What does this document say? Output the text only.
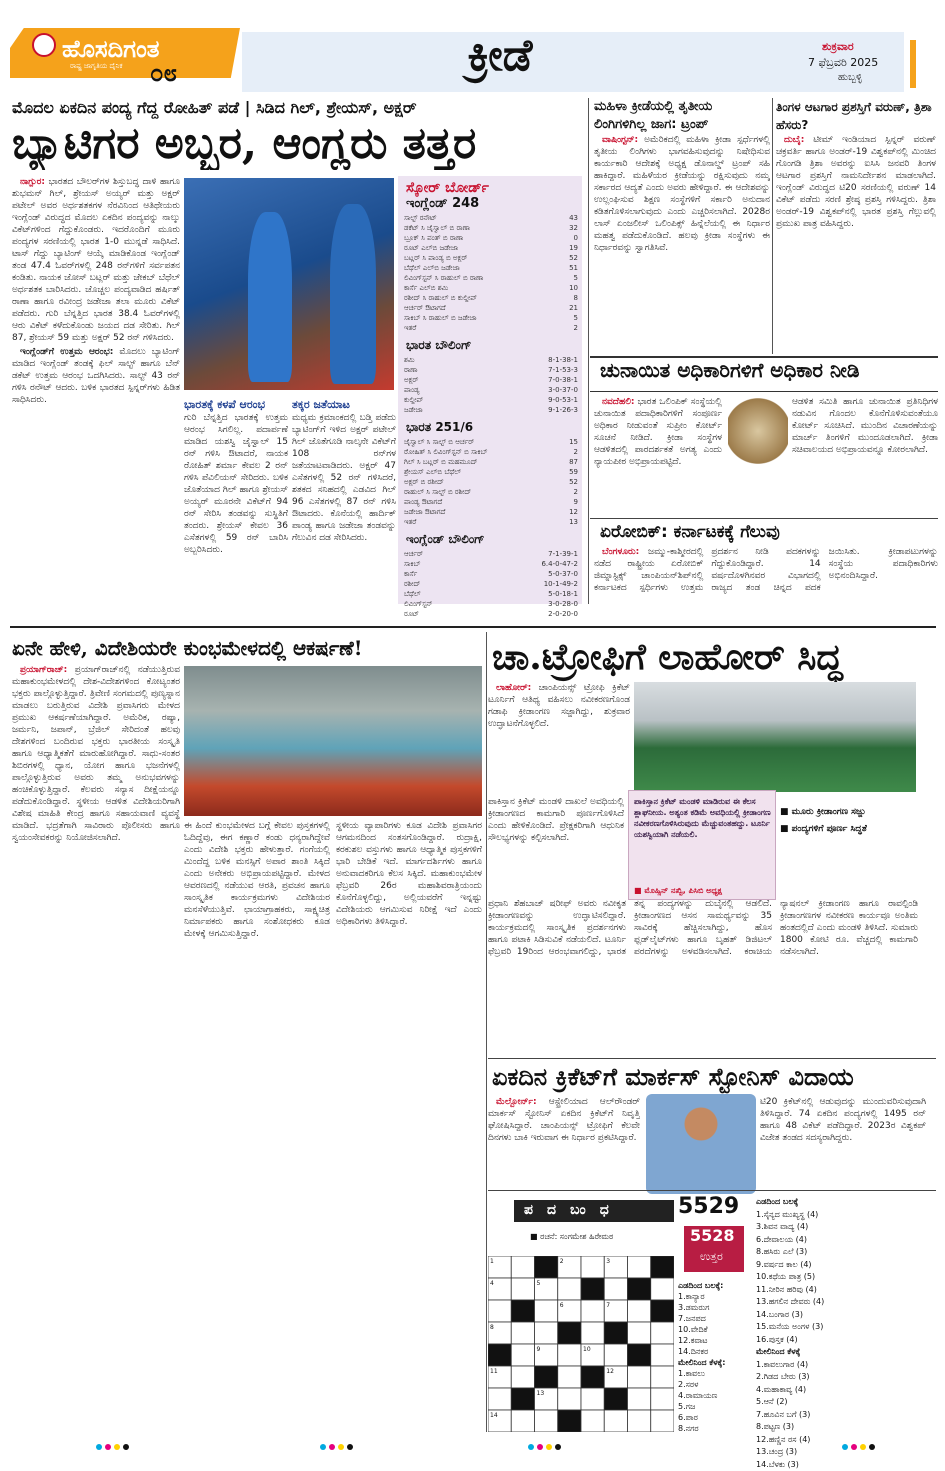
ಹೊಸದಿಗಂತ
ರಾಷ್ಟ್ರ ಜಾಗೃತಿಯ ದೈನಿಕ ೦೮	ಕ್ರೀಡೆ	ಶುಕ್ರವಾರ
7 ಫೆಬ್ರವರಿ 2025
ಹುಬ್ಬಳ್ಳಿ
ಮೊದಲ ಏಕದಿನ ಪಂದ್ಯ ಗೆದ್ದ ರೋಹಿತ್ ಪಡೆ | ಸಿಡಿದ ಗಿಲ್, ಶ್ರೇಯಸ್, ಅಕ್ಷರ್
ಬ್ಯಾಟಿಗರ ಅಬ್ಬರ, ಆಂಗ್ಲರು ತತ್ತರ

ನಾಗ್ಪುರ: ಭಾರತದ ಬೌಲರ್‌ಗಳ ಶಿಸ್ತುಬದ್ಧ ದಾಳಿ ಹಾಗೂ ಶುಭಮನ್ ಗಿಲ್, ಶ್ರೇಯಸ್ ಅಯ್ಯರ್ ಮತ್ತು ಅಕ್ಷರ್ ಪಟೇಲ್ ಅವರ ಅರ್ಧಶತಕಗಳ ನೆರವಿನಿಂದ ಆತಿಥೇಯರು ಇಂಗ್ಲೆಂಡ್ ವಿರುದ್ಧದ ಮೊದಲ ಏಕದಿನ ಪಂದ್ಯವನ್ನು ನಾಲ್ಕು ವಿಕೆಟ್‌ಗಳಿಂದ ಗೆದ್ದುಕೊಂಡರು. ಇದರೊಂದಿಗೆ ಮೂರು ಪಂದ್ಯಗಳ ಸರಣಿಯಲ್ಲಿ ಭಾರತ 1-0 ಮುನ್ನಡೆ ಸಾಧಿಸಿದೆ. ಟಾಸ್ ಗೆದ್ದು ಬ್ಯಾಟಿಂಗ್ ಆಯ್ಕೆ ಮಾಡಿಕೊಂಡ ಇಂಗ್ಲೆಂಡ್ ತಂಡ 47.4 ಓವರ್‌ಗಳಲ್ಲಿ 248 ರನ್‌ಗಳಿಗೆ ಸರ್ವಪತನ ಕಂಡಿತು. ನಾಯಕ ಜೋಸ್ ಬಟ್ಲರ್ ಮತ್ತು ಜೇಕಬ್ ಬೆಥೆಲ್ ಅರ್ಧಶತಕ ಬಾರಿಸಿದರು. ಚೊಚ್ಚಲ ಪಂದ್ಯವಾಡಿದ ಹರ್ಷಿತ್ ರಾಣಾ ಹಾಗೂ ರವೀಂದ್ರ ಜಡೇಜಾ ತಲಾ ಮೂರು ವಿಕೆಟ್ ಪಡೆದರು. ಗುರಿ ಬೆನ್ನತ್ತಿದ ಭಾರತ 38.4 ಓವರ್‌ಗಳಲ್ಲಿ ಆರು ವಿಕೆಟ್ ಕಳೆದುಕೊಂಡು ಜಯದ ದಡ ಸೇರಿತು. ಗಿಲ್ 87, ಶ್ರೇಯಸ್ 59 ಮತ್ತು ಅಕ್ಷರ್ 52 ರನ್ ಗಳಿಸಿದರು.

ಇಂಗ್ಲೆಂಡ್‌ಗೆ ಉತ್ತಮ ಆರಂಭ: ಮೊದಲು ಬ್ಯಾಟಿಂಗ್ ಮಾಡಿದ ಇಂಗ್ಲೆಂಡ್ ತಂಡಕ್ಕೆ ಫಿಲ್ ಸಾಲ್ಟ್ ಹಾಗೂ ಬೆನ್ ಡಕೆಟ್ ಉತ್ತಮ ಆರಂಭ ಒದಗಿಸಿದರು. ಸಾಲ್ಟ್ 43 ರನ್ ಗಳಿಸಿ ರನೌಟ್ ಆದರು. ಬಳಿಕ ಭಾರತದ ಸ್ಪಿನ್ನರ್‌ಗಳು ಹಿಡಿತ ಸಾಧಿಸಿದರು.

ಸ್ಕೋರ್ ಬೋರ್ಡ್
ಇಂಗ್ಲೆಂಡ್ 248
ಸಾಲ್ಟ್ ರನೌಟ್	43
ಡಕೆಟ್ ಸಿ ಜೈಸ್ವಾಲ್ ಬಿ ರಾಣಾ	32
ಬ್ರೂಕ್ ಸಿ ಪಂತ್ ಬಿ ರಾಣಾ	0
ರೂಟ್ ಎಲ್‌ಬಿ ಜಡೇಜಾ	19
ಬಟ್ಲರ್ ಸಿ ಪಾಂಡ್ಯ ಬಿ ಅಕ್ಷರ್	52
ಬೆಥೆಲ್ ಎಲ್‌ಬಿ ಜಡೇಜಾ	51
ಲಿವಿಂಗ್‌ಸ್ಟನ್ ಸಿ ರಾಹುಲ್ ಬಿ ರಾಣಾ	5
ಕಾರ್ಸೆ ಎಲ್‌ಬಿ ಶಮಿ	10
ರಶೀದ್ ಸಿ ರಾಹುಲ್ ಬಿ ಕುಲ್ದೀಪ್	8
ಆರ್ಚರ್ ಔಟಾಗದೆ	21
ಸಾಕಿಬ್ ಸಿ ರಾಹುಲ್ ಬಿ ಜಡೇಜಾ	5
ಇತರೆ	2
ಭಾರತ ಬೌಲಿಂಗ್
ಶಮಿ	8-1-38-1
ರಾಣಾ	7-1-53-3
ಅಕ್ಷರ್	7-0-38-1
ಪಾಂಡ್ಯ	3-0-37-0
ಕುಲ್ದೀಪ್	9-0-53-1
ಜಡೇಜಾ	9-1-26-3
ಭಾರತ 251/6
ಜೈಸ್ವಾಲ್ ಸಿ ಸಾಲ್ಟ್ ಬಿ ಆರ್ಚರ್	15
ರೋಹಿತ್ ಸಿ ಲಿವಿಂಗ್‌ಸ್ಟನ್ ಬಿ ಸಾಕಿಬ್	2
ಗಿಲ್ ಸಿ ಬಟ್ಲರ್ ಬಿ ಮಹಮೂದ್	87
ಶ್ರೇಯಸ್ ಎಲ್‌ಬಿ ಬೆಥೆಲ್	59
ಅಕ್ಷರ್ ಬಿ ರಶೀದ್	52
ರಾಹುಲ್ ಸಿ ಸಾಲ್ಟ್ ಬಿ ರಶೀದ್	2
ಪಾಂಡ್ಯ ಔಟಾಗದೆ	9
ಜಡೇಜಾ ಔಟಾಗದೆ	12
ಇತರೆ	13
ಇಂಗ್ಲೆಂಡ್ ಬೌಲಿಂಗ್
ಆರ್ಚರ್	7-1-39-1
ಸಾಕಿಬ್	6.4-0-47-2
ಕಾರ್ಸೆ	5-0-37-0
ರಶೀದ್	10-1-49-2
ಬೆಥೆಲ್	5-0-18-1
ಲಿವಿಂಗ್‌ಸ್ಟನ್	3-0-28-0
ರೂಟ್	2-0-20-0
ಭಾರತಕ್ಕೆ ಕಳಪೆ ಆರಂಭ
ಗುರಿ ಬೆನ್ನತ್ತಿದ ಭಾರತಕ್ಕೆ ಉತ್ತಮ ಆರಂಭ ಸಿಗಲಿಲ್ಲ. ಪದಾರ್ಪಣೆ ಮಾಡಿದ ಯಶಸ್ವಿ ಜೈಸ್ವಾಲ್ 15 ರನ್ ಗಳಿಸಿ ಔಟಾದರೆ, ನಾಯಕ ರೋಹಿತ್ ಶರ್ಮಾ ಕೇವಲ 2 ರನ್ ಗಳಿಸಿ ಪೆವಿಲಿಯನ್ ಸೇರಿದರು. ಬಳಿಕ ಜೊತೆಯಾದ ಗಿಲ್ ಹಾಗೂ ಶ್ರೇಯಸ್ ಅಯ್ಯರ್ ಮೂರನೇ ವಿಕೆಟ್‌ಗೆ 94 ರನ್ ಸೇರಿಸಿ ತಂಡವನ್ನು ಸುಸ್ಥಿತಿಗೆ ತಂದರು. ಶ್ರೇಯಸ್ ಕೇವಲ 36 ಎಸೆತಗಳಲ್ಲಿ 59 ರನ್ ಬಾರಿಸಿ ಅಬ್ಬರಿಸಿದರು.
ತಕ್ಕರ ಜತೆಯಾಟ
ಮಧ್ಯಮ ಕ್ರಮಾಂಕದಲ್ಲಿ ಬಡ್ತಿ ಪಡೆದು ಬ್ಯಾಟಿಂಗ್‌ಗೆ ಇಳಿದ ಅಕ್ಷರ್ ಪಟೇಲ್ ಗಿಲ್ ಜೊತೆಗೂಡಿ ನಾಲ್ಕನೇ ವಿಕೆಟ್‌ಗೆ 108 ರನ್‌ಗಳ ಜತೆಯಾಟವಾಡಿದರು. ಅಕ್ಷರ್ 47 ಎಸೆತಗಳಲ್ಲಿ 52 ರನ್ ಗಳಿಸಿದರೆ, ಶತಕದ ಸನಿಹದಲ್ಲಿ ಎಡವಿದ ಗಿಲ್ 96 ಎಸೆತಗಳಲ್ಲಿ 87 ರನ್ ಗಳಿಸಿ ಔಟಾದರು. ಕೊನೆಯಲ್ಲಿ ಹಾರ್ದಿಕ್ ಪಾಂಡ್ಯ ಹಾಗೂ ಜಡೇಜಾ ತಂಡವನ್ನು ಗೆಲುವಿನ ದಡ ಸೇರಿಸಿದರು.
ಮಹಿಳಾ ಕ್ರೀಡೆಯಲ್ಲಿ ತೃತೀಯ ಲಿಂಗಿಗಳಿಗಿಲ್ಲ ಜಾಗ: ಟ್ರಂಪ್

ವಾಷಿಂಗ್ಟನ್: ಅಮೆರಿಕದಲ್ಲಿ ಮಹಿಳಾ ಕ್ರೀಡಾ ಸ್ಪರ್ಧೆಗಳಲ್ಲಿ ತೃತೀಯ ಲಿಂಗಿಗಳು ಭಾಗವಹಿಸುವುದನ್ನು ನಿಷೇಧಿಸುವ ಕಾರ್ಯಕಾರಿ ಆದೇಶಕ್ಕೆ ಅಧ್ಯಕ್ಷ ಡೊನಾಲ್ಡ್ ಟ್ರಂಪ್ ಸಹಿ ಹಾಕಿದ್ದಾರೆ. ಮಹಿಳೆಯರ ಕ್ರೀಡೆಯನ್ನು ರಕ್ಷಿಸುವುದು ನಮ್ಮ ಸರ್ಕಾರದ ಆದ್ಯತೆ ಎಂದು ಅವರು ಹೇಳಿದ್ದಾರೆ. ಈ ಆದೇಶವನ್ನು ಉಲ್ಲಂಘಿಸುವ ಶಿಕ್ಷಣ ಸಂಸ್ಥೆಗಳಿಗೆ ಸರ್ಕಾರಿ ಅನುದಾನ ಕಡಿತಗೊಳಿಸಲಾಗುವುದು ಎಂದು ಎಚ್ಚರಿಸಲಾಗಿದೆ. 2028ರ ಲಾಸ್ ಏಂಜಲೀಸ್ ಒಲಿಂಪಿಕ್ಸ್ ಹಿನ್ನೆಲೆಯಲ್ಲಿ ಈ ನಿರ್ಧಾರ ಮಹತ್ವ ಪಡೆದುಕೊಂಡಿದೆ. ಹಲವು ಕ್ರೀಡಾ ಸಂಸ್ಥೆಗಳು ಈ ನಿರ್ಧಾರವನ್ನು ಸ್ವಾಗತಿಸಿವೆ.

ತಿಂಗಳ ಆಟಗಾರ ಪ್ರಶಸ್ತಿಗೆ ವರುಣ್, ತ್ರಿಶಾ ಹೆಸರು?

ದುಬೈ: ಟೀಮ್ ಇಂಡಿಯಾದ ಸ್ಪಿನ್ನರ್ ವರುಣ್ ಚಕ್ರವರ್ತಿ ಹಾಗೂ ಅಂಡರ್-19 ವಿಶ್ವಕಪ್‌ನಲ್ಲಿ ಮಿಂಚಿದ ಗೊಂಗಡಿ ತ್ರಿಶಾ ಅವರನ್ನು ಐಸಿಸಿ ಜನವರಿ ತಿಂಗಳ ಆಟಗಾರ ಪ್ರಶಸ್ತಿಗೆ ನಾಮನಿರ್ದೇಶನ ಮಾಡಲಾಗಿದೆ. ಇಂಗ್ಲೆಂಡ್ ವಿರುದ್ಧದ ಟಿ20 ಸರಣಿಯಲ್ಲಿ ವರುಣ್ 14 ವಿಕೆಟ್ ಪಡೆದು ಸರಣಿ ಶ್ರೇಷ್ಠ ಪ್ರಶಸ್ತಿ ಗಳಿಸಿದ್ದರು. ತ್ರಿಶಾ ಅಂಡರ್-19 ವಿಶ್ವಕಪ್‌ನಲ್ಲಿ ಭಾರತ ಪ್ರಶಸ್ತಿ ಗೆಲ್ಲುವಲ್ಲಿ ಪ್ರಮುಖ ಪಾತ್ರ ವಹಿಸಿದ್ದರು.

ಚುನಾಯಿತ ಅಧಿಕಾರಿಗಳಿಗೆ ಅಧಿಕಾರ ನೀಡಿ

ನವದೆಹಲಿ: ಭಾರತ ಒಲಿಂಪಿಕ್ ಸಂಸ್ಥೆಯಲ್ಲಿ ಚುನಾಯಿತ ಪದಾಧಿಕಾರಿಗಳಿಗೆ ಸಂಪೂರ್ಣ ಅಧಿಕಾರ ನೀಡುವಂತೆ ಸುಪ್ರೀಂ ಕೋರ್ಟ್ ಸೂಚನೆ ನೀಡಿದೆ. ಕ್ರೀಡಾ ಸಂಸ್ಥೆಗಳ ಆಡಳಿತದಲ್ಲಿ ಪಾರದರ್ಶಕತೆ ಅಗತ್ಯ ಎಂದು ನ್ಯಾಯಪೀಠ ಅಭಿಪ್ರಾಯಪಟ್ಟಿದೆ.

ಆಡಳಿತ ಸಮಿತಿ ಹಾಗೂ ಚುನಾಯಿತ ಪ್ರತಿನಿಧಿಗಳ ನಡುವಿನ ಗೊಂದಲ ಕೊನೆಗೊಳಿಸುವಂತೆಯೂ ಕೋರ್ಟ್ ಸೂಚಿಸಿದೆ. ಮುಂದಿನ ವಿಚಾರಣೆಯನ್ನು ಮಾರ್ಚ್ ತಿಂಗಳಿಗೆ ಮುಂದೂಡಲಾಗಿದೆ. ಕ್ರೀಡಾ ಸಚಿವಾಲಯದ ಅಭಿಪ್ರಾಯವನ್ನೂ ಕೋರಲಾಗಿದೆ.
ಏರೋಬಿಕ್: ಕರ್ನಾಟಕಕ್ಕೆ ಗೆಲುವು

ಬೆಂಗಳೂರು: ಜಮ್ಮು-ಕಾಶ್ಮೀರದಲ್ಲಿ ನಡೆದ ರಾಷ್ಟ್ರೀಯ ಏರೋಬಿಕ್ ಜಿಮ್ನಾಸ್ಟಿಕ್ಸ್ ಚಾಂಪಿಯನ್‌ಶಿಪ್‌ನಲ್ಲಿ ಕರ್ನಾಟಕದ ಸ್ಪರ್ಧಿಗಳು ಉತ್ತಮ ಪ್ರದರ್ಶನ ನೀಡಿ ಪದಕಗಳನ್ನು ಗೆದ್ದುಕೊಂಡಿದ್ದಾರೆ. 14 ವರ್ಷದೊಳಗಿನವರ ವಿಭಾಗದಲ್ಲಿ ರಾಜ್ಯದ ತಂಡ ಚಿನ್ನದ ಪದಕ ಜಯಿಸಿತು. ಕ್ರೀಡಾಪಟುಗಳನ್ನು ಸಂಸ್ಥೆಯ ಪದಾಧಿಕಾರಿಗಳು ಅಭಿನಂದಿಸಿದ್ದಾರೆ.

ಏನೇ ಹೇಳಿ, ವಿದೇಶಿಯರೇ ಕುಂಭಮೇಳದಲ್ಲಿ ಆಕರ್ಷಣೆ!

ಪ್ರಯಾಗ್‌ರಾಜ್: ಪ್ರಯಾಗ್‌ರಾಜ್‌ನಲ್ಲಿ ನಡೆಯುತ್ತಿರುವ ಮಹಾಕುಂಭಮೇಳದಲ್ಲಿ ದೇಶ-ವಿದೇಶಗಳಿಂದ ಕೋಟ್ಯಂತರ ಭಕ್ತರು ಪಾಲ್ಗೊಳ್ಳುತ್ತಿದ್ದಾರೆ. ತ್ರಿವೇಣಿ ಸಂಗಮದಲ್ಲಿ ಪುಣ್ಯಸ್ನಾನ ಮಾಡಲು ಬರುತ್ತಿರುವ ವಿದೇಶಿ ಪ್ರವಾಸಿಗರು ಮೇಳದ ಪ್ರಮುಖ ಆಕರ್ಷಣೆಯಾಗಿದ್ದಾರೆ. ಅಮೆರಿಕ, ರಷ್ಯಾ, ಜರ್ಮನಿ, ಜಪಾನ್, ಬ್ರೆಜಿಲ್ ಸೇರಿದಂತೆ ಹಲವು ದೇಶಗಳಿಂದ ಬಂದಿರುವ ಭಕ್ತರು ಭಾರತೀಯ ಸಂಸ್ಕೃತಿ ಹಾಗೂ ಆಧ್ಯಾತ್ಮಿಕತೆಗೆ ಮಾರುಹೋಗಿದ್ದಾರೆ. ಸಾಧು-ಸಂತರ ಶಿಬಿರಗಳಲ್ಲಿ ಧ್ಯಾನ, ಯೋಗ ಹಾಗೂ ಭಜನೆಗಳಲ್ಲಿ ಪಾಲ್ಗೊಳ್ಳುತ್ತಿರುವ ಅವರು ತಮ್ಮ ಅನುಭವಗಳನ್ನು ಹಂಚಿಕೊಳ್ಳುತ್ತಿದ್ದಾರೆ. ಕೆಲವರು ಸನ್ಯಾಸ ದೀಕ್ಷೆಯನ್ನೂ ಪಡೆದುಕೊಂಡಿದ್ದಾರೆ. ಸ್ಥಳೀಯ ಆಡಳಿತ ವಿದೇಶಿಯರಿಗಾಗಿ ವಿಶೇಷ ಮಾಹಿತಿ ಕೇಂದ್ರ ಹಾಗೂ ಸಹಾಯವಾಣಿ ವ್ಯವಸ್ಥೆ ಮಾಡಿದೆ. ಭದ್ರತೆಗಾಗಿ ಸಾವಿರಾರು ಪೊಲೀಸರು ಹಾಗೂ ಸ್ವಯಂಸೇವಕರನ್ನು ನಿಯೋಜಿಸಲಾಗಿದೆ.

ಈ ಹಿಂದೆ ಕುಂಭಮೇಳದ ಬಗ್ಗೆ ಕೇವಲ ಪುಸ್ತಕಗಳಲ್ಲಿ ಓದಿದ್ದೆವು, ಈಗ ಕಣ್ಣಾರೆ ಕಂಡು ಧನ್ಯರಾಗಿದ್ದೇವೆ ಎಂದು ವಿದೇಶಿ ಭಕ್ತರು ಹೇಳುತ್ತಾರೆ. ಗಂಗೆಯಲ್ಲಿ ಮಿಂದೆದ್ದ ಬಳಿಕ ಮನಸ್ಸಿಗೆ ಅಪಾರ ಶಾಂತಿ ಸಿಕ್ಕಿದೆ ಎಂದು ಅನೇಕರು ಅಭಿಪ್ರಾಯಪಟ್ಟಿದ್ದಾರೆ. ಮೇಳದ ಆವರಣದಲ್ಲಿ ನಡೆಯುವ ಆರತಿ, ಪ್ರವಚನ ಹಾಗೂ ಸಾಂಸ್ಕೃತಿಕ ಕಾರ್ಯಕ್ರಮಗಳು ವಿದೇಶಿಯರ ಮನಸೆಳೆಯುತ್ತಿವೆ. ಛಾಯಾಗ್ರಾಹಕರು, ಸಾಕ್ಷ್ಯಚಿತ್ರ ನಿರ್ಮಾಪಕರು ಹಾಗೂ ಸಂಶೋಧಕರು ಕೂಡ ಮೇಳಕ್ಕೆ ಆಗಮಿಸುತ್ತಿದ್ದಾರೆ.
ಸ್ಥಳೀಯ ವ್ಯಾಪಾರಿಗಳು ಕೂಡ ವಿದೇಶಿ ಪ್ರವಾಸಿಗರ ಆಗಮನದಿಂದ ಸಂತಸಗೊಂಡಿದ್ದಾರೆ. ರುದ್ರಾಕ್ಷಿ, ಕರಕುಶಲ ವಸ್ತುಗಳು ಹಾಗೂ ಆಧ್ಯಾತ್ಮಿಕ ಪುಸ್ತಕಗಳಿಗೆ ಭಾರಿ ಬೇಡಿಕೆ ಇದೆ. ಮಾರ್ಗದರ್ಶಿಗಳು ಹಾಗೂ ಅನುವಾದಕರಿಗೂ ಕೆಲಸ ಸಿಕ್ಕಿದೆ. ಮಹಾಕುಂಭಮೇಳ ಫೆಬ್ರವರಿ 26ರ ಮಹಾಶಿವರಾತ್ರಿಯಂದು ಕೊನೆಗೊಳ್ಳಲಿದ್ದು, ಅಲ್ಲಿಯವರೆಗೆ ಇನ್ನಷ್ಟು ವಿದೇಶಿಯರು ಆಗಮಿಸುವ ನಿರೀಕ್ಷೆ ಇದೆ ಎಂದು ಅಧಿಕಾರಿಗಳು ತಿಳಿಸಿದ್ದಾರೆ.
ಚಾ.ಟ್ರೋಫಿಗೆ ಲಾಹೋರ್ ಸಿದ್ಧ

ಲಾಹೋರ್: ಚಾಂಪಿಯನ್ಸ್ ಟ್ರೋಫಿ ಕ್ರಿಕೆಟ್ ಟೂರ್ನಿಗೆ ಆತಿಥ್ಯ ವಹಿಸಲು ನವೀಕರಣಗೊಂಡ ಗಡಾಫಿ ಕ್ರೀಡಾಂಗಣ ಸಜ್ಜಾಗಿದ್ದು, ಶುಕ್ರವಾರ ಉದ್ಘಾಟನೆಗೊಳ್ಳಲಿದೆ.

ಪಾಕಿಸ್ತಾನ ಕ್ರಿಕೆಟ್ ಮಂಡಳಿ ದಾಖಲೆ ಅವಧಿಯಲ್ಲಿ ಕ್ರೀಡಾಂಗಣದ ಕಾಮಗಾರಿ ಪೂರ್ಣಗೊಳಿಸಿದೆ ಎಂದು ಹೇಳಿಕೊಂಡಿದೆ. ಪ್ರೇಕ್ಷಕರಿಗಾಗಿ ಆಧುನಿಕ ಸೌಲಭ್ಯಗಳನ್ನು ಕಲ್ಪಿಸಲಾಗಿದೆ.
ಪಾಕಿಸ್ತಾನ ಕ್ರಿಕೆಟ್ ಮಂಡಳಿ ಮಾಡಿರುವ ಈ ಕೆಲಸ ಶ್ಲಾಘನೀಯ. ಅತ್ಯಂತ ಕಡಿಮೆ ಅವಧಿಯಲ್ಲಿ ಕ್ರೀಡಾಂಗಣ ನವೀಕರಣಗೊಳಿಸಿರುವುದು ಮೆಚ್ಚುವಂತಹದ್ದು. ಟೂರ್ನಿ ಯಶಸ್ವಿಯಾಗಿ ನಡೆಯಲಿ.
■ ಮೊಹ್ಸಿನ್ ನಖ್ವಿ, ಪಿಸಿಬಿ ಅಧ್ಯಕ್ಷ
■ ಮೂರು ಕ್ರೀಡಾಂಗಣ ಸಜ್ಜು
■ ಪಂದ್ಯಗಳಿಗೆ ಪೂರ್ಣ ಸಿದ್ಧತೆ
ಪ್ರಧಾನಿ ಶೆಹಬಾಜ್ ಷರೀಫ್ ಅವರು ನವೀಕೃತ ಕ್ರೀಡಾಂಗಣವನ್ನು ಉದ್ಘಾಟಿಸಲಿದ್ದಾರೆ. ಕಾರ್ಯಕ್ರಮದಲ್ಲಿ ಸಾಂಸ್ಕೃತಿಕ ಪ್ರದರ್ಶನಗಳು ಹಾಗೂ ಪಟಾಕಿ ಸಿಡಿಸುವಿಕೆ ನಡೆಯಲಿದೆ. ಟೂರ್ನಿ ಫೆಬ್ರವರಿ 19ರಿಂದ ಆರಂಭವಾಗಲಿದ್ದು, ಭಾರತ ತನ್ನ ಪಂದ್ಯಗಳನ್ನು ದುಬೈನಲ್ಲಿ ಆಡಲಿದೆ. ಕ್ರೀಡಾಂಗಣದ ಆಸನ ಸಾಮರ್ಥ್ಯವನ್ನು 35 ಸಾವಿರಕ್ಕೆ ಹೆಚ್ಚಿಸಲಾಗಿದ್ದು, ಹೊಸ ಫ್ಲಡ್‌ಲೈಟ್‌ಗಳು ಹಾಗೂ ಬೃಹತ್ ಡಿಜಿಟಲ್ ಪರದೆಗಳನ್ನು ಅಳವಡಿಸಲಾಗಿದೆ. ಕರಾಚಿಯ ನ್ಯಾಷನಲ್ ಕ್ರೀಡಾಂಗಣ ಹಾಗೂ ರಾವಲ್ಪಿಂಡಿ ಕ್ರೀಡಾಂಗಣಗಳ ನವೀಕರಣ ಕಾರ್ಯವೂ ಅಂತಿಮ ಹಂತದಲ್ಲಿದೆ ಎಂದು ಮಂಡಳಿ ತಿಳಿಸಿದೆ. ಸುಮಾರು 1800 ಕೋಟಿ ರೂ. ವೆಚ್ಚದಲ್ಲಿ ಕಾಮಗಾರಿ ನಡೆಸಲಾಗಿದೆ.
ಏಕದಿನ ಕ್ರಿಕೆಟ್‌ಗೆ ಮಾರ್ಕಸ್ ಸ್ಟೋನಿಸ್ ವಿದಾಯ

ಮೆಲ್ಬೋರ್ನ್: ಆಸ್ಟ್ರೇಲಿಯಾದ ಆಲ್‌ರೌಂಡರ್ ಮಾರ್ಕಸ್ ಸ್ಟೋನಿಸ್ ಏಕದಿನ ಕ್ರಿಕೆಟ್‌ಗೆ ನಿವೃತ್ತಿ ಘೋಷಿಸಿದ್ದಾರೆ. ಚಾಂಪಿಯನ್ಸ್ ಟ್ರೋಫಿಗೆ ಕೆಲವೇ ದಿನಗಳು ಬಾಕಿ ಇರುವಾಗ ಈ ನಿರ್ಧಾರ ಪ್ರಕಟಿಸಿದ್ದಾರೆ.

ಟಿ20 ಕ್ರಿಕೆಟ್‌ನಲ್ಲಿ ಆಡುವುದನ್ನು ಮುಂದುವರಿಸುವುದಾಗಿ ತಿಳಿಸಿದ್ದಾರೆ. 74 ಏಕದಿನ ಪಂದ್ಯಗಳಲ್ಲಿ 1495 ರನ್ ಹಾಗೂ 48 ವಿಕೆಟ್ ಪಡೆದಿದ್ದಾರೆ. 2023ರ ವಿಶ್ವಕಪ್ ವಿಜೇತ ತಂಡದ ಸದಸ್ಯರಾಗಿದ್ದರು.
ಪದಬಂಧ	5529
■ ರಚನೆ: ಸಂಗಮೇಶ ಹಿರೇಮಠ	5528
ಉತ್ತರ
1	2	3
4	5
6	7
8
9	10
11	12
13
14
ಎಡದಿಂದ ಬಲಕ್ಕೆ:
1.ಕಾನ್ಯಾರ
3.ಡಮರುಗ
7.ಜನಪದ
10.ವೇದಿಕೆ
12.ಕವಾಟ
14.ದಿನಕರ
ಮೇಲಿನಿಂದ ಕೆಳಕ್ಕೆ:
1.ಕಾವಲು
2.ಸರಳ
4.ರಾಮಾಯಣ
5.ಗಜ
6.ಪಾರ
8.ನಗರ
ಎಡದಿಂದ ಬಲಕ್ಕೆ
1.ಸೈನ್ಯದ ಮುಖ್ಯಸ್ಥ (4)
3.ಶಿವನ ವಾದ್ಯ (4)
6.ದೇವಾಲಯ (4)
8.ಹಸಿರು ಎಲೆ (3)
9.ವರ್ಷದ ಕಾಲ (4)
10.ಕಥೆಯ ಪಾತ್ರ (5)
11.ನೀರಿನ ಹರಿವು (4)
13.ಹಗಲಿನ ದೇವರು (4)
14.ಬಂಗಾರ (3)
15.ಮನೆಯ ಅಂಗಳ (3)
16.ಪುಸ್ತಕ (4)
ಮೇಲಿನಿಂದ ಕೆಳಕ್ಕೆ
1.ಕಾವಲುಗಾರ (4)
2.ಗಿಡದ ಬೇರು (3)
4.ಮಹಾಕಾವ್ಯ (4)
5.ಆನೆ (2)
7.ಹೂವಿನ ಬಗೆ (3)
8.ಪಟ್ಟಣ (3)
12.ಹಣ್ಣಿನ ರಸ (4)
13.ಚಂದ್ರ (3)
14.ಬೆಳಕು (3)
